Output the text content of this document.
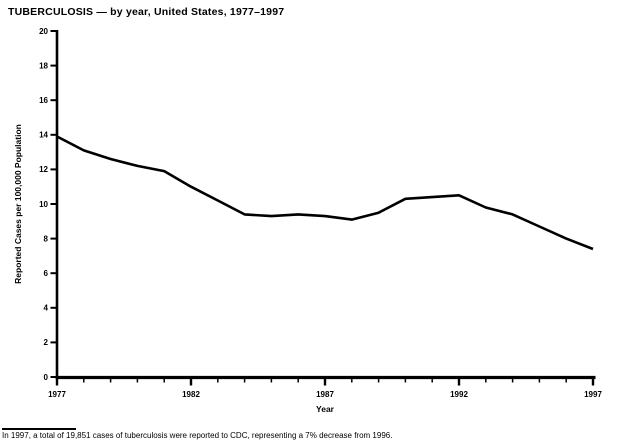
TUBERCULOSIS — by year, United States, 1977–1997
0
2
4
6
8
10
12
14
16
18
20
1977	1982	1987	1992	1997
Reported Cases per 100,000 Population
Year
In 1997, a total of 19,851 cases of tuberculosis were reported to CDC, representing a 7% decrease from 1996.
